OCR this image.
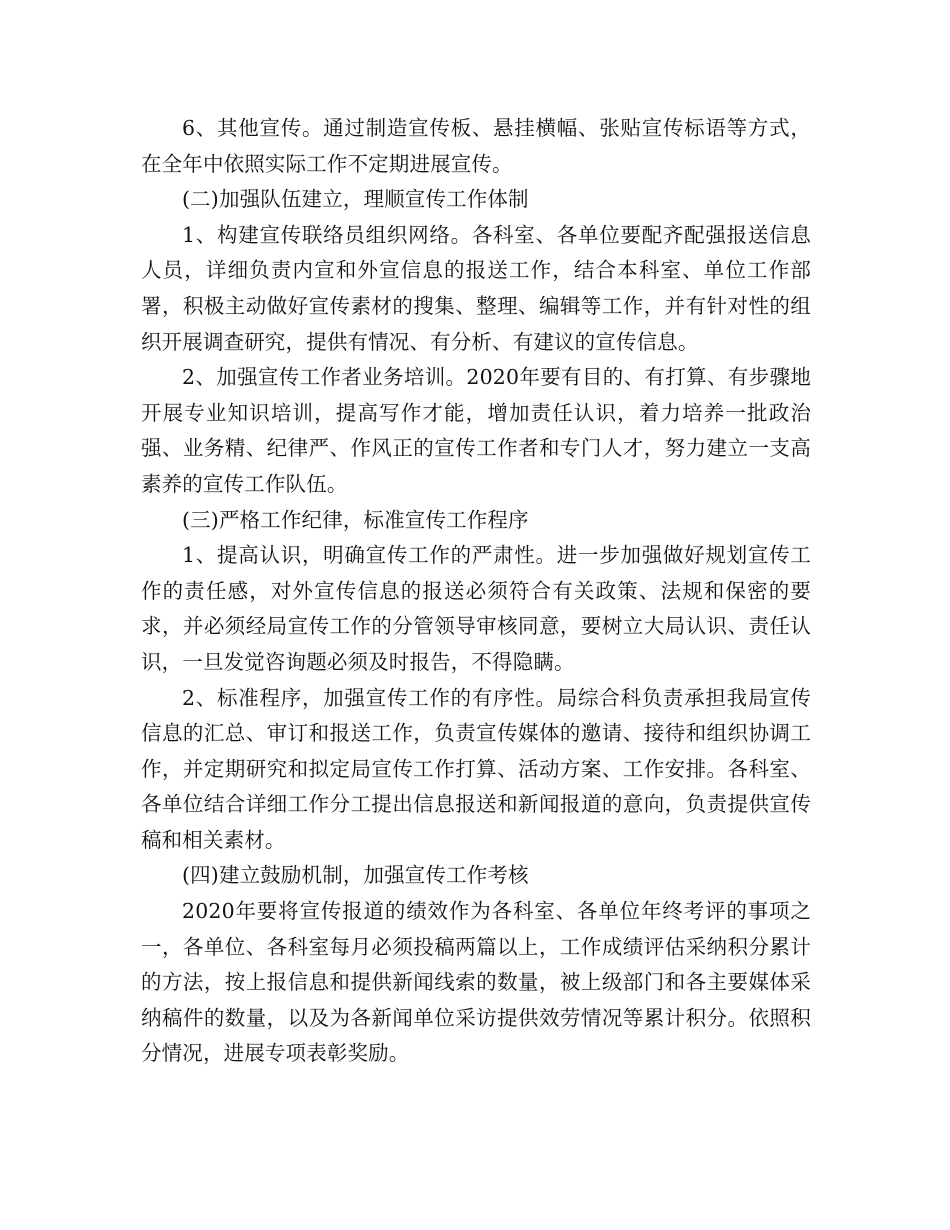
6、其他宣传。通过制造宣传板、悬挂横幅、张贴宣传标语等方式，在全年中依照实际工作不定期进展宣传。

(二)加强队伍建立，理顺宣传工作体制

1、构建宣传联络员组织网络。各科室、各单位要配齐配强报送信息人员，详细负责内宣和外宣信息的报送工作，结合本科室、单位工作部署，积极主动做好宣传素材的搜集、整理、编辑等工作，并有针对性的组织开展调查研究，提供有情况、有分析、有建议的宣传信息。

2、加强宣传工作者业务培训。2020年要有目的、有打算、有步骤地开展专业知识培训，提高写作才能，增加责任认识，着力培养一批政治强、业务精、纪律严、作风正的宣传工作者和专门人才，努力建立一支高素养的宣传工作队伍。

(三)严格工作纪律，标准宣传工作程序

1、提高认识，明确宣传工作的严肃性。进一步加强做好规划宣传工作的责任感，对外宣传信息的报送必须符合有关政策、法规和保密的要求，并必须经局宣传工作的分管领导审核同意，要树立大局认识、责任认识，一旦发觉咨询题必须及时报告，不得隐瞒。

2、标准程序，加强宣传工作的有序性。局综合科负责承担我局宣传信息的汇总、审订和报送工作，负责宣传媒体的邀请、接待和组织协调工作，并定期研究和拟定局宣传工作打算、活动方案、工作安排。各科室、各单位结合详细工作分工提出信息报送和新闻报道的意向，负责提供宣传稿和相关素材。

(四)建立鼓励机制，加强宣传工作考核

2020年要将宣传报道的绩效作为各科室、各单位年终考评的事项之一，各单位、各科室每月必须投稿两篇以上，工作成绩评估采纳积分累计的方法，按上报信息和提供新闻线索的数量，被上级部门和各主要媒体采纳稿件的数量，以及为各新闻单位采访提供效劳情况等累计积分。依照积分情况，进展专项表彰奖励。
